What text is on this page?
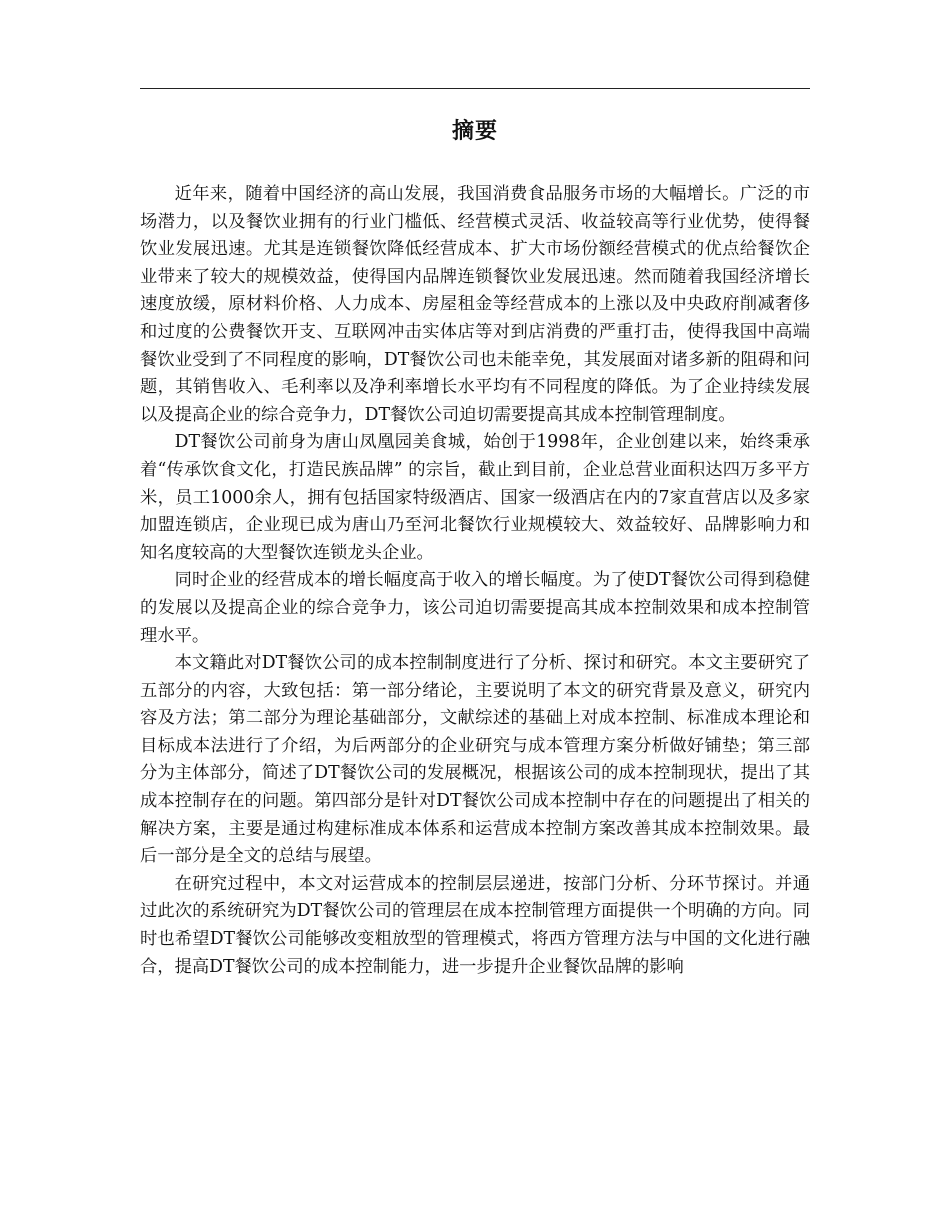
摘要

近年来，随着中国经济的高山发展，我国消费食品服务市场的大幅增长。广泛的市场潜力，以及餐饮业拥有的行业门槛低、经营模式灵活、收益较高等行业优势，使得餐饮业发展迅速。尤其是连锁餐饮降低经营成本、扩大市场份额经营模式的优点给餐饮企业带来了较大的规模效益，使得国内品牌连锁餐饮业发展迅速。然而随着我国经济增长速度放缓，原材料价格、人力成本、房屋租金等经营成本的上涨以及中央政府削减奢侈和过度的公费餐饮开支、互联网冲击实体店等对到店消费的严重打击，使得我国中高端餐饮业受到了不同程度的影响，DT餐饮公司也未能幸免，其发展面对诸多新的阻碍和问题，其销售收入、毛利率以及净利率增长水平均有不同程度的降低。为了企业持续发展以及提高企业的综合竞争力，DT餐饮公司迫切需要提高其成本控制管理制度。

DT餐饮公司前身为唐山凤凰园美食城，始创于1998年，企业创建以来，始终秉承着“传承饮食文化，打造民族品牌” 的宗旨，截止到目前，企业总营业面积达四万多平方米，员工1000余人，拥有包括国家特级酒店、国家一级酒店在内的7家直营店以及多家加盟连锁店，企业现已成为唐山乃至河北餐饮行业规模较大、效益较好、品牌影响力和知名度较高的大型餐饮连锁龙头企业。

同时企业的经营成本的增长幅度高于收入的增长幅度。为了使DT餐饮公司得到稳健的发展以及提高企业的综合竞争力，该公司迫切需要提高其成本控制效果和成本控制管理水平。

本文籍此对DT餐饮公司的成本控制制度进行了分析、探讨和研究。本文主要研究了五部分的内容，大致包括：第一部分绪论，主要说明了本文的研究背景及意义，研究内容及方法；第二部分为理论基础部分，文献综述的基础上对成本控制、标准成本理论和目标成本法进行了介绍，为后两部分的企业研究与成本管理方案分析做好铺垫；第三部分为主体部分，简述了DT餐饮公司的发展概况，根据该公司的成本控制现状，提出了其成本控制存在的问题。第四部分是针对DT餐饮公司成本控制中存在的问题提出了相关的解决方案，主要是通过构建标准成本体系和运营成本控制方案改善其成本控制效果。最后一部分是全文的总结与展望。

在研究过程中，本文对运营成本的控制层层递进，按部门分析、分环节探讨。并通过此次的系统研究为DT餐饮公司的管理层在成本控制管理方面提供一个明确的方向。同时也希望DT餐饮公司能够改变粗放型的管理模式，将西方管理方法与中国的文化进行融合，提高DT餐饮公司的成本控制能力，进一步提升企业餐饮品牌的影响
